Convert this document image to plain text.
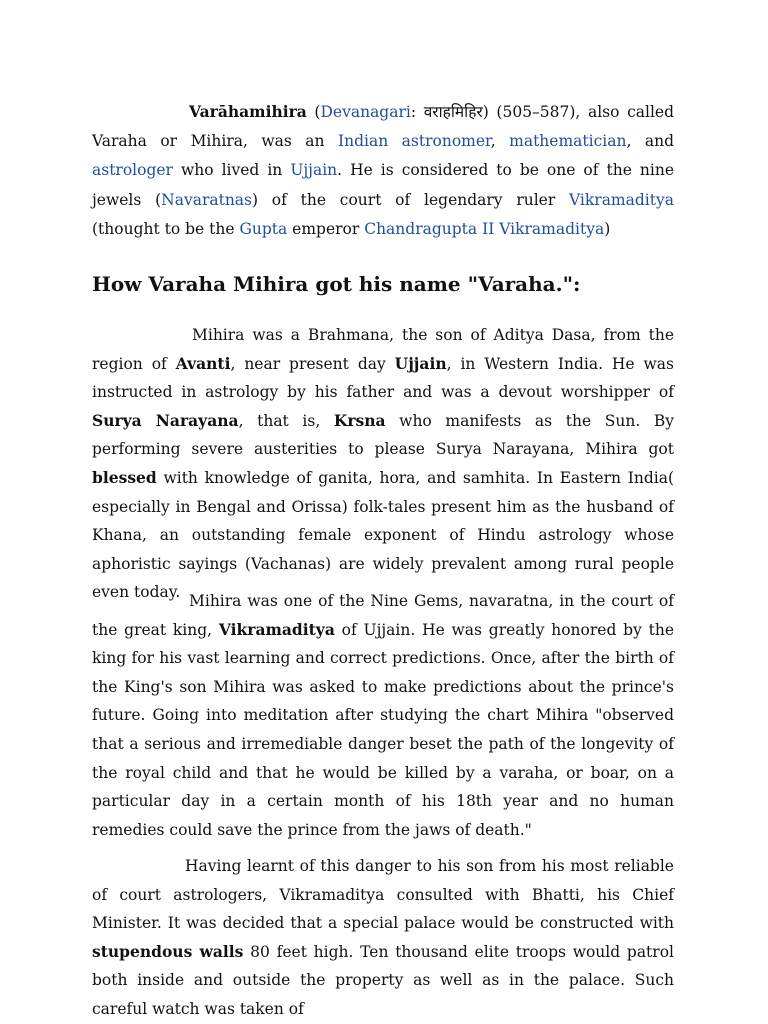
Varāhamihira (Devanagari: वराहमिहिर) (505–587), also called Varaha or Mihira, was an Indian astronomer, mathematician, and astrologer who lived in Ujjain. He is considered to be one of the nine jewels (Navaratnas) of the court of legendary ruler Vikramaditya (thought to be the Gupta emperor Chandragupta II Vikramaditya)

How Varaha Mihira got his name "Varaha.":

Mihira was a Brahmana, the son of Aditya Dasa, from the region of Avanti, near present day Ujjain, in Western India. He was instructed in astrology by his father and was a devout worshipper of Surya Narayana, that is, Krsna who manifests as the Sun. By performing severe austerities to please Surya Narayana, Mihira got blessed with knowledge of ganita, hora, and samhita. In Eastern India( especially in Bengal and Orissa) folk-tales present him as the husband of Khana, an outstanding female exponent of Hindu astrology whose aphoristic sayings (Vachanas) are widely prevalent among rural people even today. Mihira was one of the Nine Gems, navaratna, in the court of the great king, Vikramaditya of Ujjain. He was greatly honored by the king for his vast learning and correct predictions. Once, after the birth of the King's son Mihira was asked to make predictions about the prince's future. Going into meditation after studying the chart Mihira "observed that a serious and irremediable danger beset the path of the longevity of the royal child and that he would be killed by a varaha, or boar, on a particular day in a certain month of his 18th year and no human remedies could save the prince from the jaws of death."

Having learnt of this danger to his son from his most reliable of court astrologers, Vikramaditya consulted with Bhatti, his Chief Minister. It was decided that a special palace would be constructed with stupendous walls 80 feet high. Ten thousand elite troops would patrol both inside and outside the property as well as in the palace. Such careful watch was taken of
